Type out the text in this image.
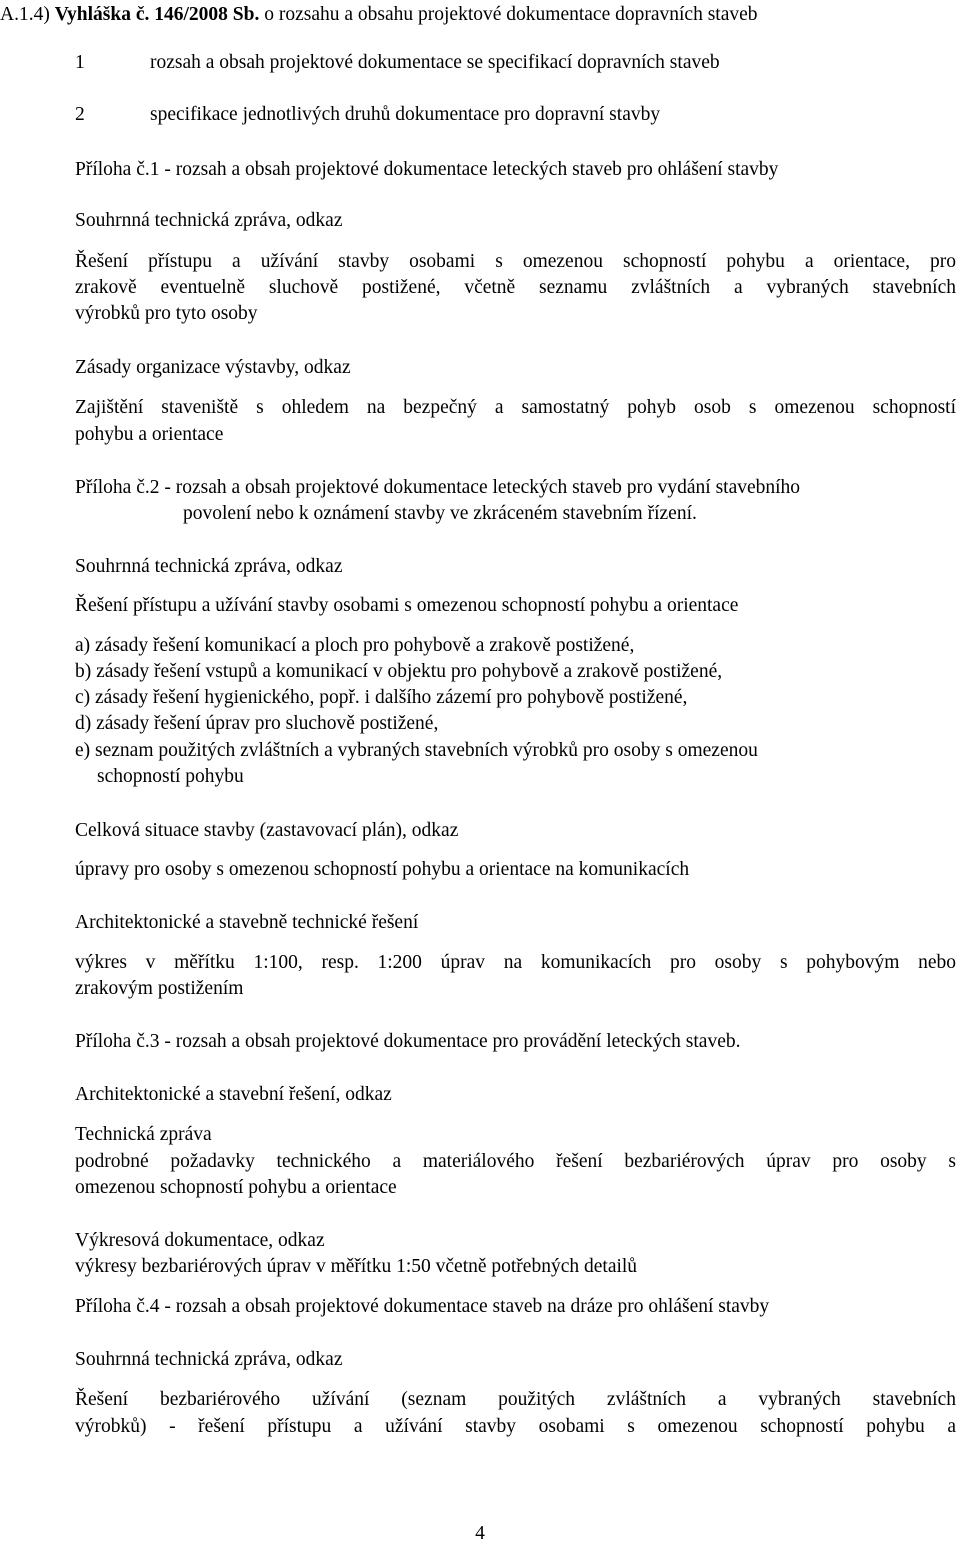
A.1.4) Vyhláška č. 146/2008 Sb. o rozsahu a obsahu projektové dokumentace dopravních staveb
1	rozsah a obsah projektové dokumentace se specifikací dopravních staveb
2	specifikace jednotlivých druhů dokumentace pro dopravní stavby
Příloha č.1 - rozsah a obsah projektové dokumentace leteckých staveb pro ohlášení stavby
Souhrnná technická zpráva, odkaz
Řešení přístupu a užívání stavby osobami s omezenou schopností pohybu a orientace, pro
zrakově eventuelně sluchově postižené, včetně seznamu zvláštních a vybraných stavebních
výrobků pro tyto osoby
Zásady organizace výstavby, odkaz
Zajištění staveniště s ohledem na bezpečný a samostatný pohyb osob s omezenou schopností
pohybu a orientace
Příloha č.2 - rozsah a obsah projektové dokumentace leteckých staveb pro vydání stavebního
povolení nebo k oznámení stavby ve zkráceném stavebním řízení.
Souhrnná technická zpráva, odkaz
Řešení přístupu a užívání stavby osobami s omezenou schopností pohybu a orientace
a) zásady řešení komunikací a ploch pro pohybově a zrakově postižené,
b) zásady řešení vstupů a komunikací v objektu pro pohybově a zrakově postižené,
c) zásady řešení hygienického, popř. i dalšího zázemí pro pohybově postižené,
d) zásady řešení úprav pro sluchově postižené,
e) seznam použitých zvláštních a vybraných stavebních výrobků pro osoby s omezenou
schopností pohybu
Celková situace stavby (zastavovací plán), odkaz
úpravy pro osoby s omezenou schopností pohybu a orientace na komunikacích
Architektonické a stavebně technické řešení
výkres v měřítku 1:100, resp. 1:200 úprav na komunikacích pro osoby s pohybovým nebo
zrakovým postižením
Příloha č.3 - rozsah a obsah projektové dokumentace pro provádění leteckých staveb.
Architektonické a stavební řešení, odkaz
Technická zpráva
podrobné požadavky technického a materiálového řešení bezbariérových úprav pro osoby s
omezenou schopností pohybu a orientace
Výkresová dokumentace, odkaz
výkresy bezbariérových úprav v měřítku 1:50 včetně potřebných detailů
Příloha č.4 - rozsah a obsah projektové dokumentace staveb na dráze pro ohlášení stavby
Souhrnná technická zpráva, odkaz
Řešení bezbariérového užívání (seznam použitých zvláštních a vybraných stavebních
výrobků) - řešení přístupu a užívání stavby osobami s omezenou schopností pohybu a
4
